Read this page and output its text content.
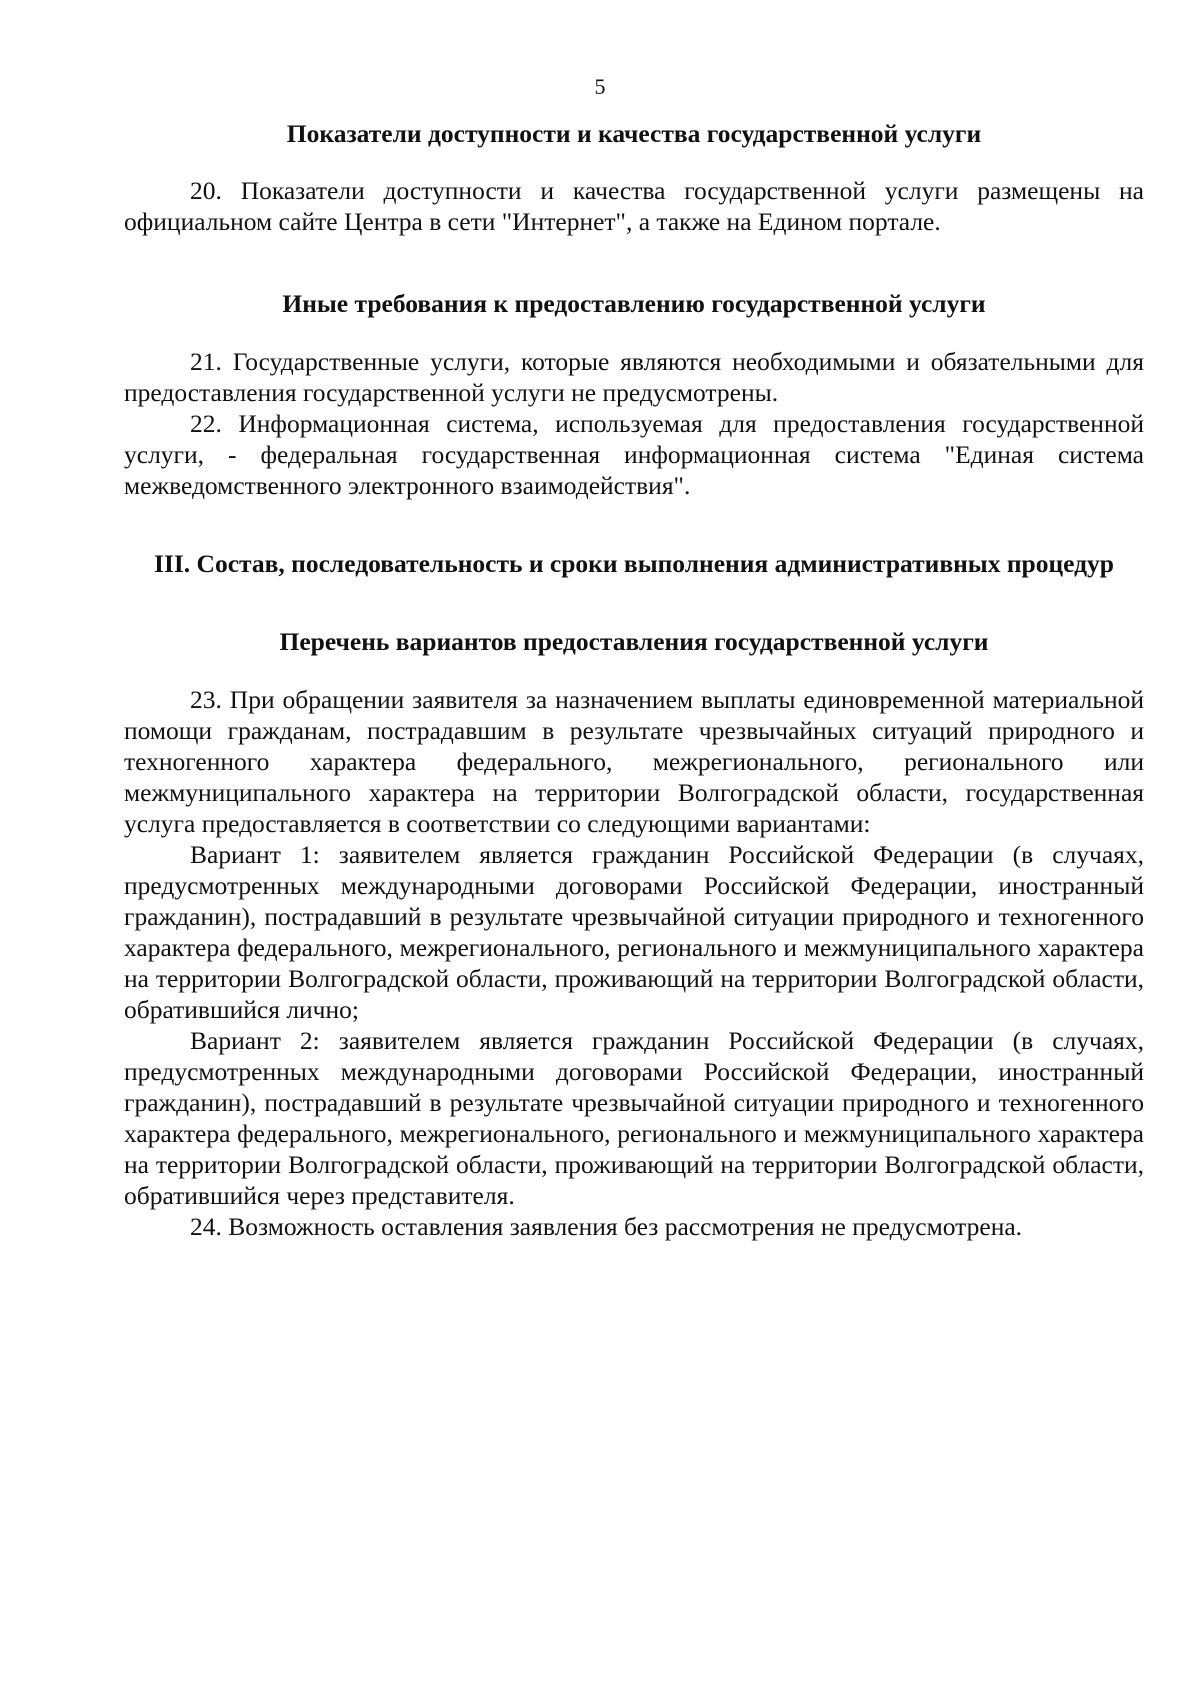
5

Показатели доступности и качества государственной услуги

20. Показатели доступности и качества государственной услуги размещены на официальном сайте Центра в сети "Интернет", а также на Едином портале.

Иные требования к предоставлению государственной услуги

21. Государственные услуги, которые являются необходимыми и обязательными для предоставления государственной услуги не предусмотрены.

22. Информационная система, используемая для предоставления государственной услуги, - федеральная государственная информационная система "Единая система межведомственного электронного взаимодействия".

III. Состав, последовательность и сроки выполнения административных процедур

Перечень вариантов предоставления государственной услуги

23. При обращении заявителя за назначением выплаты единовременной материальной помощи гражданам, пострадавшим в результате чрезвычайных ситуаций природного и техногенного характера федерального, межрегионального, регионального или межмуниципального характера на территории Волгоградской области, государственная услуга предоставляется в соответствии со следующими вариантами:

Вариант 1: заявителем является гражданин Российской Федерации (в случаях, предусмотренных международными договорами Российской Федерации, иностранный гражданин), пострадавший в результате чрезвычайной ситуации природного и техногенного характера федерального, межрегионального, регионального и межмуниципального характера на территории Волгоградской области, проживающий на территории Волгоградской области, обратившийся лично;

Вариант 2: заявителем является гражданин Российской Федерации (в случаях, предусмотренных международными договорами Российской Федерации, иностранный гражданин), пострадавший в результате чрезвычайной ситуации природного и техногенного характера федерального, межрегионального, регионального и межмуниципального характера на территории Волгоградской области, проживающий на территории Волгоградской области, обратившийся через представителя.

24. Возможность оставления заявления без рассмотрения не предусмотрена.
